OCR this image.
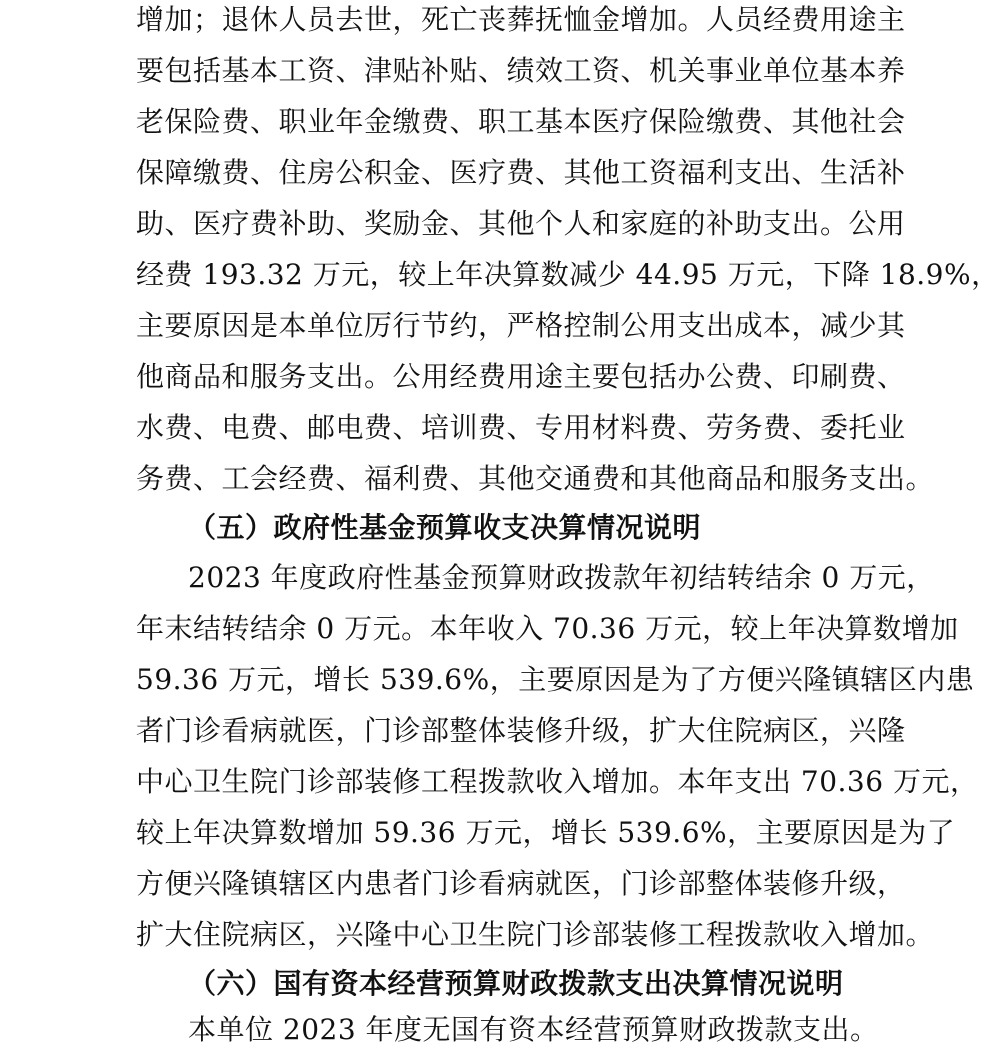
增加；退休人员去世，死亡丧葬抚恤金增加。人员经费用途主
要包括基本工资、津贴补贴、绩效工资、机关事业单位基本养
老保险费、职业年金缴费、职工基本医疗保险缴费、其他社会
保障缴费、住房公积金、医疗费、其他工资福利支出、生活补
助、医疗费补助、奖励金、其他个人和家庭的补助支出。公用
经费 193.32 万元，较上年决算数减少 44.95 万元，下降 18.9%，
主要原因是本单位厉行节约，严格控制公用支出成本，减少其
他商品和服务支出。公用经费用途主要包括办公费、印刷费、
水费、电费、邮电费、培训费、专用材料费、劳务费、委托业
务费、工会经费、福利费、其他交通费和其他商品和服务支出。
（五）政府性基金预算收支决算情况说明
2023 年度政府性基金预算财政拨款年初结转结余 0 万元，
年末结转结余 0 万元。本年收入 70.36 万元，较上年决算数增加
59.36 万元，增长 539.6%，主要原因是为了方便兴隆镇辖区内患
者门诊看病就医，门诊部整体装修升级，扩大住院病区，兴隆
中心卫生院门诊部装修工程拨款收入增加。本年支出 70.36 万元，
较上年决算数增加 59.36 万元，增长 539.6%，主要原因是为了
方便兴隆镇辖区内患者门诊看病就医，门诊部整体装修升级，
扩大住院病区，兴隆中心卫生院门诊部装修工程拨款收入增加。
（六）国有资本经营预算财政拨款支出决算情况说明
本单位 2023 年度无国有资本经营预算财政拨款支出。
